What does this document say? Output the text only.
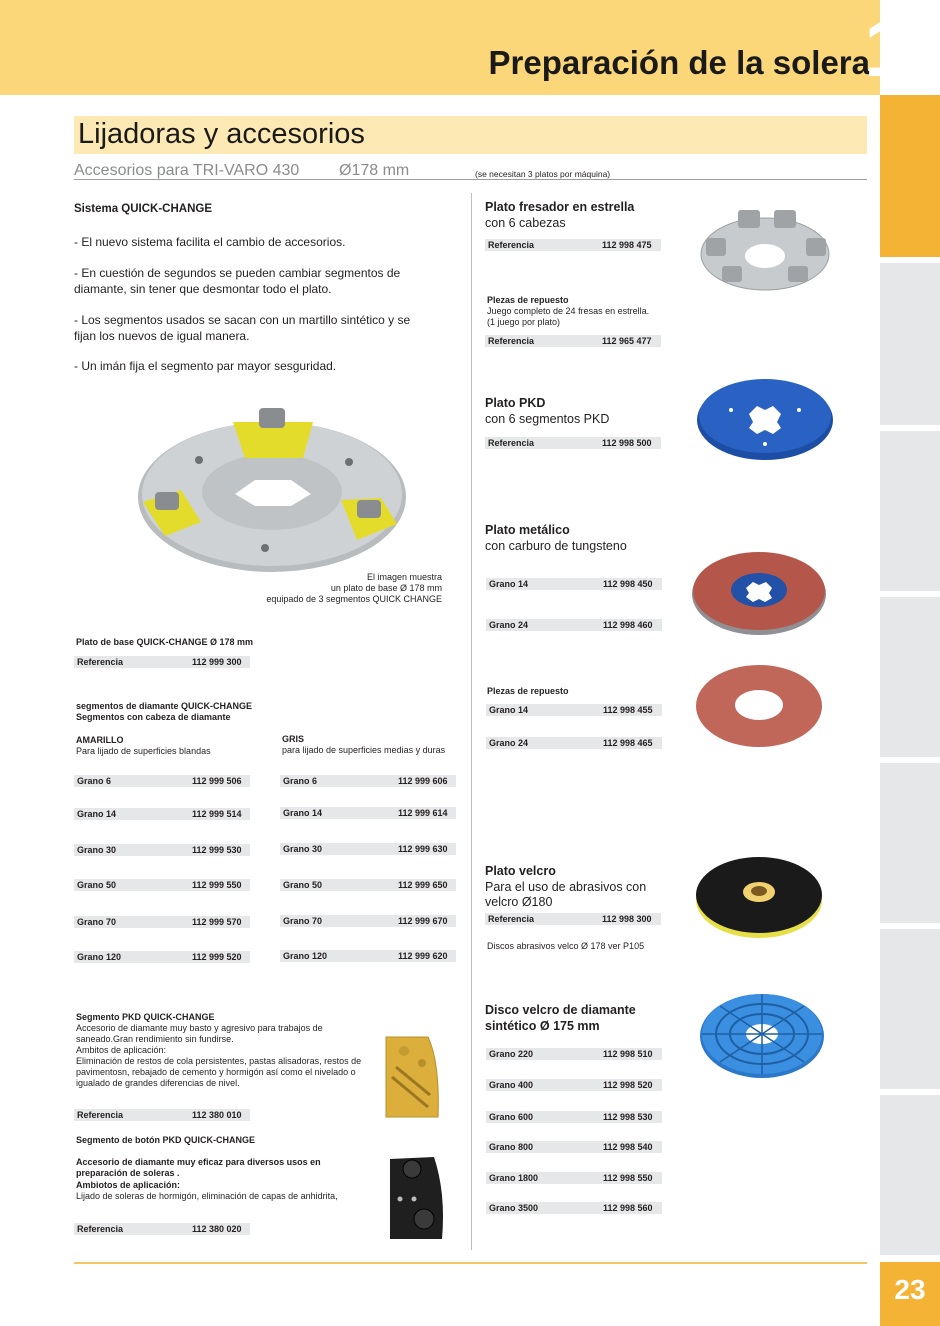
Preparación de la solera
1
23
Lijadoras y accesorios
Accesorios para TRI-VARO 430 Ø178 mm	(se necesitan 3 platos por máquina)
Sistema QUICK-CHANGE
- El nuevo sistema facilita el cambio de accesorios.
- En cuestión de segundos se pueden cambiar segmentos de diamante, sin tener que desmontar todo el plato.
- Los segmentos usados se sacan con un martillo sintético y se fijan los nuevos de igual manera.
- Un imán fija el segmento par mayor sesguridad.
El imagen muestra
un plato de base Ø 178 mm
equipado de 3 segmentos QUICK CHANGE
Plato de base QUICK-CHANGE Ø 178 mm
Referencia	112 999 300
segmentos de diamante QUICK-CHANGE
Segmentos con cabeza de diamante
AMARILLO
Para lijado de superficies blandas
GRIS
para lijado de superficies medias y duras
Grano 6	112 999 506
Grano 14	112 999 514
Grano 30	112 999 530
Grano 50	112 999 550
Grano 70	112 999 570
Grano 120	112 999 520
Grano 6	112 999 606
Grano 14	112 999 614
Grano 30	112 999 630
Grano 50	112 999 650
Grano 70	112 999 670
Grano 120	112 999 620
Segmento PKD QUICK-CHANGE
Accesorio de diamante muy basto y agresivo para trabajos de saneado.Gran rendimiento sin fundirse.
Ambitos de aplicación:
Eliminación de restos de cola persistentes, pastas alisadoras, restos de pavimentosn, rebajado de cemento y hormigón así como el nivelado o igualado de grandes diferencias de nivel.
Referencia	112 380 010
Segmento de botón PKD QUICK-CHANGE
Accesorio de diamante muy eficaz para diversos usos en preparación de soleras .
Ambiotos de aplicación:
Lijado de soleras de hormigón, eliminación de capas de anhidrita,
Referencia	112 380 020
Plato fresador en estrella
con 6 cabezas
Referencia	112 998 475
Plezas de repuesto
Juego completo de 24 fresas en estrella.
(1 juego por plato)
Referencia	112 965 477
Plato PKD
con 6 segmentos PKD
Referencia	112 998 500
Plato metálico
con carburo de tungsteno
Grano 14	112 998 450
Grano 24	112 998 460
Plezas de repuesto
Grano 14	112 998 455
Grano 24	112 998 465
Plato velcro
Para el uso de abrasivos con
velcro Ø180
Referencia	112 998 300
Discos abrasivos velco Ø 178 ver P105
Disco velcro de diamante
sintético Ø 175 mm
Grano 220	112 998 510
Grano 400	112 998 520
Grano 600	112 998 530
Grano 800	112 998 540
Grano 1800	112 998 550
Grano 3500	112 998 560
